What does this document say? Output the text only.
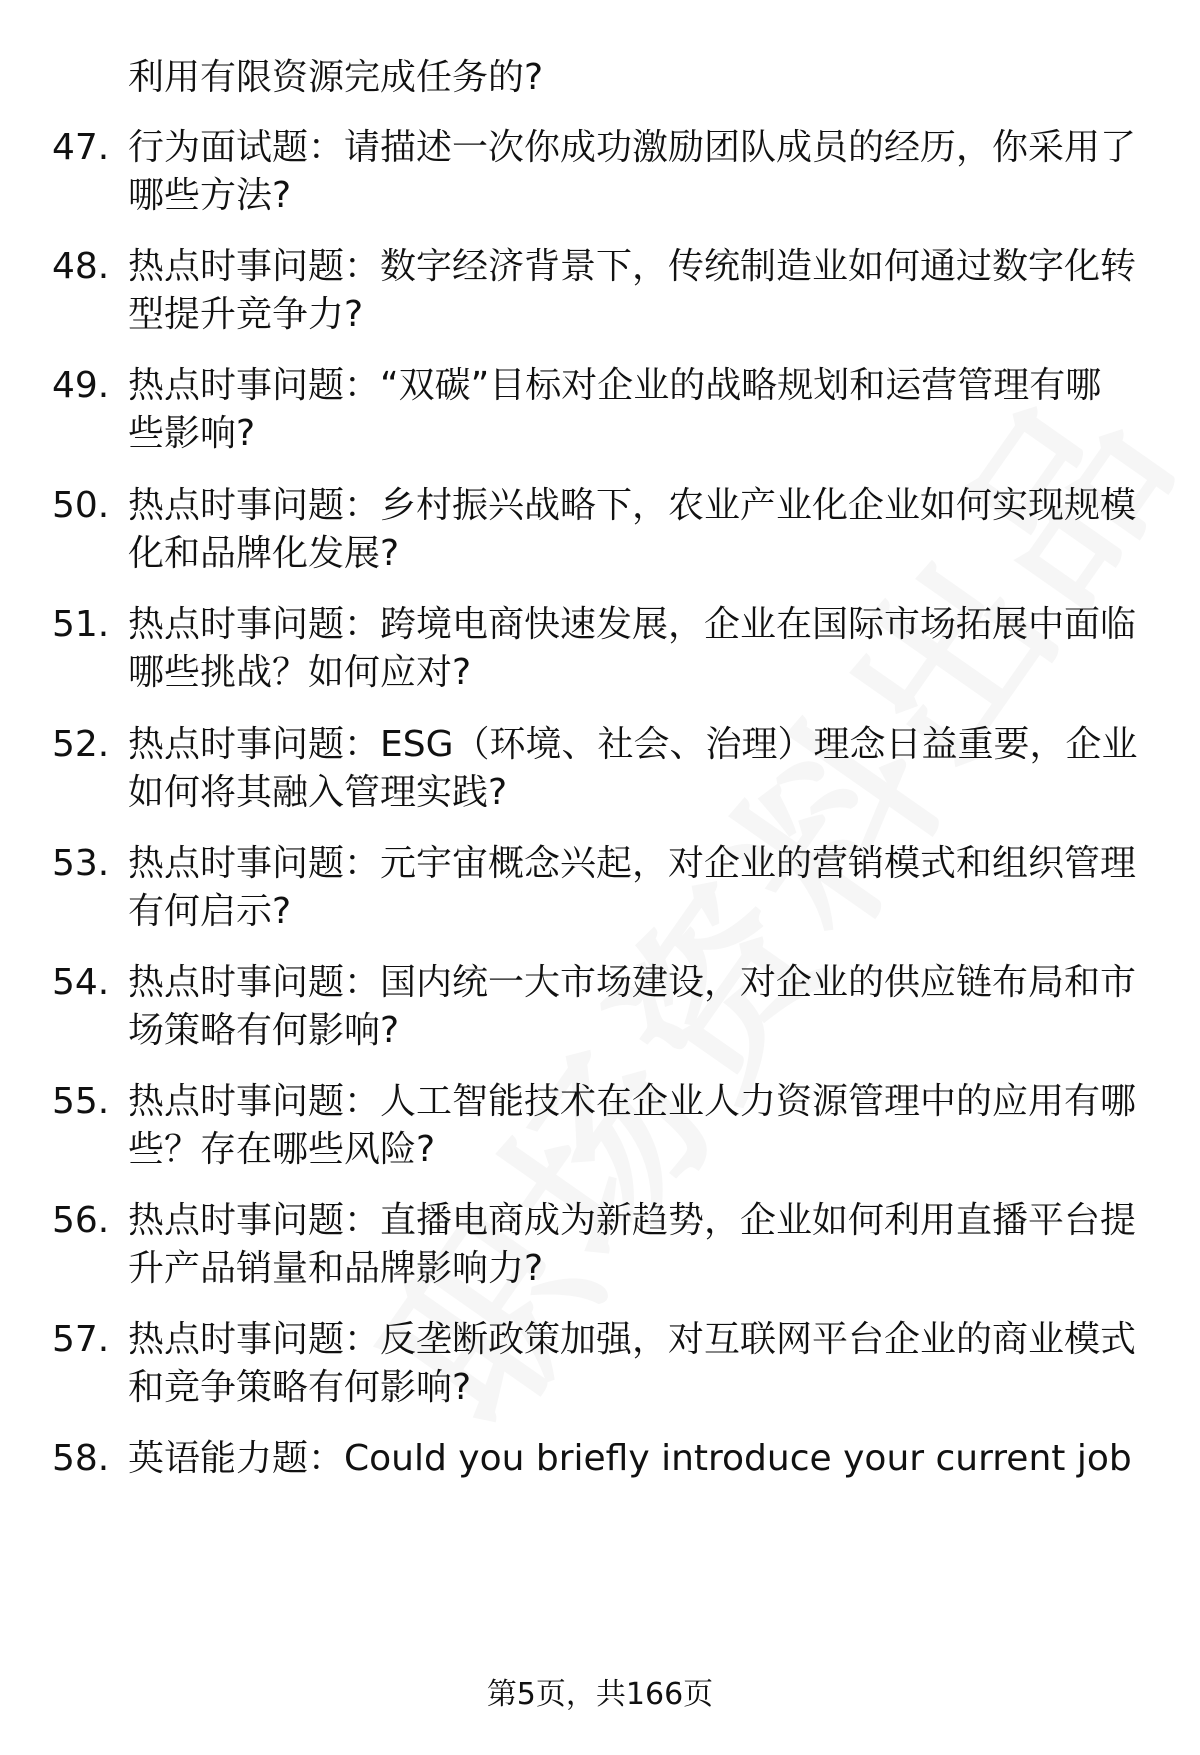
利用有限资源完成任务的?
47. 行为面试题：请描述一次你成功激励团队成员的经历，你采用了
哪些方法?
48. 热点时事问题：数字经济背景下，传统制造业如何通过数字化转
型提升竞争力?
49. 热点时事问题：“双碳”目标对企业的战略规划和运营管理有哪
些影响?
50. 热点时事问题：乡村振兴战略下，农业产业化企业如何实现规模
化和品牌化发展?
51. 热点时事问题：跨境电商快速发展，企业在国际市场拓展中面临
哪些挑战？如何应对?
52. 热点时事问题：ESG（环境、社会、治理）理念日益重要，企业
如何将其融入管理实践?
53. 热点时事问题：元宇宙概念兴起，对企业的营销模式和组织管理
有何启示?
54. 热点时事问题：国内统一大市场建设，对企业的供应链布局和市
场策略有何影响?
55. 热点时事问题：人工智能技术在企业人力资源管理中的应用有哪
些？存在哪些风险?
56. 热点时事问题：直播电商成为新趋势，企业如何利用直播平台提
升产品销量和品牌影响力?
57. 热点时事问题：反垄断政策加强，对互联网平台企业的商业模式
和竞争策略有何影响?
58. 英语能力题：Could you briefly introduce your current job
第5页，共166页
